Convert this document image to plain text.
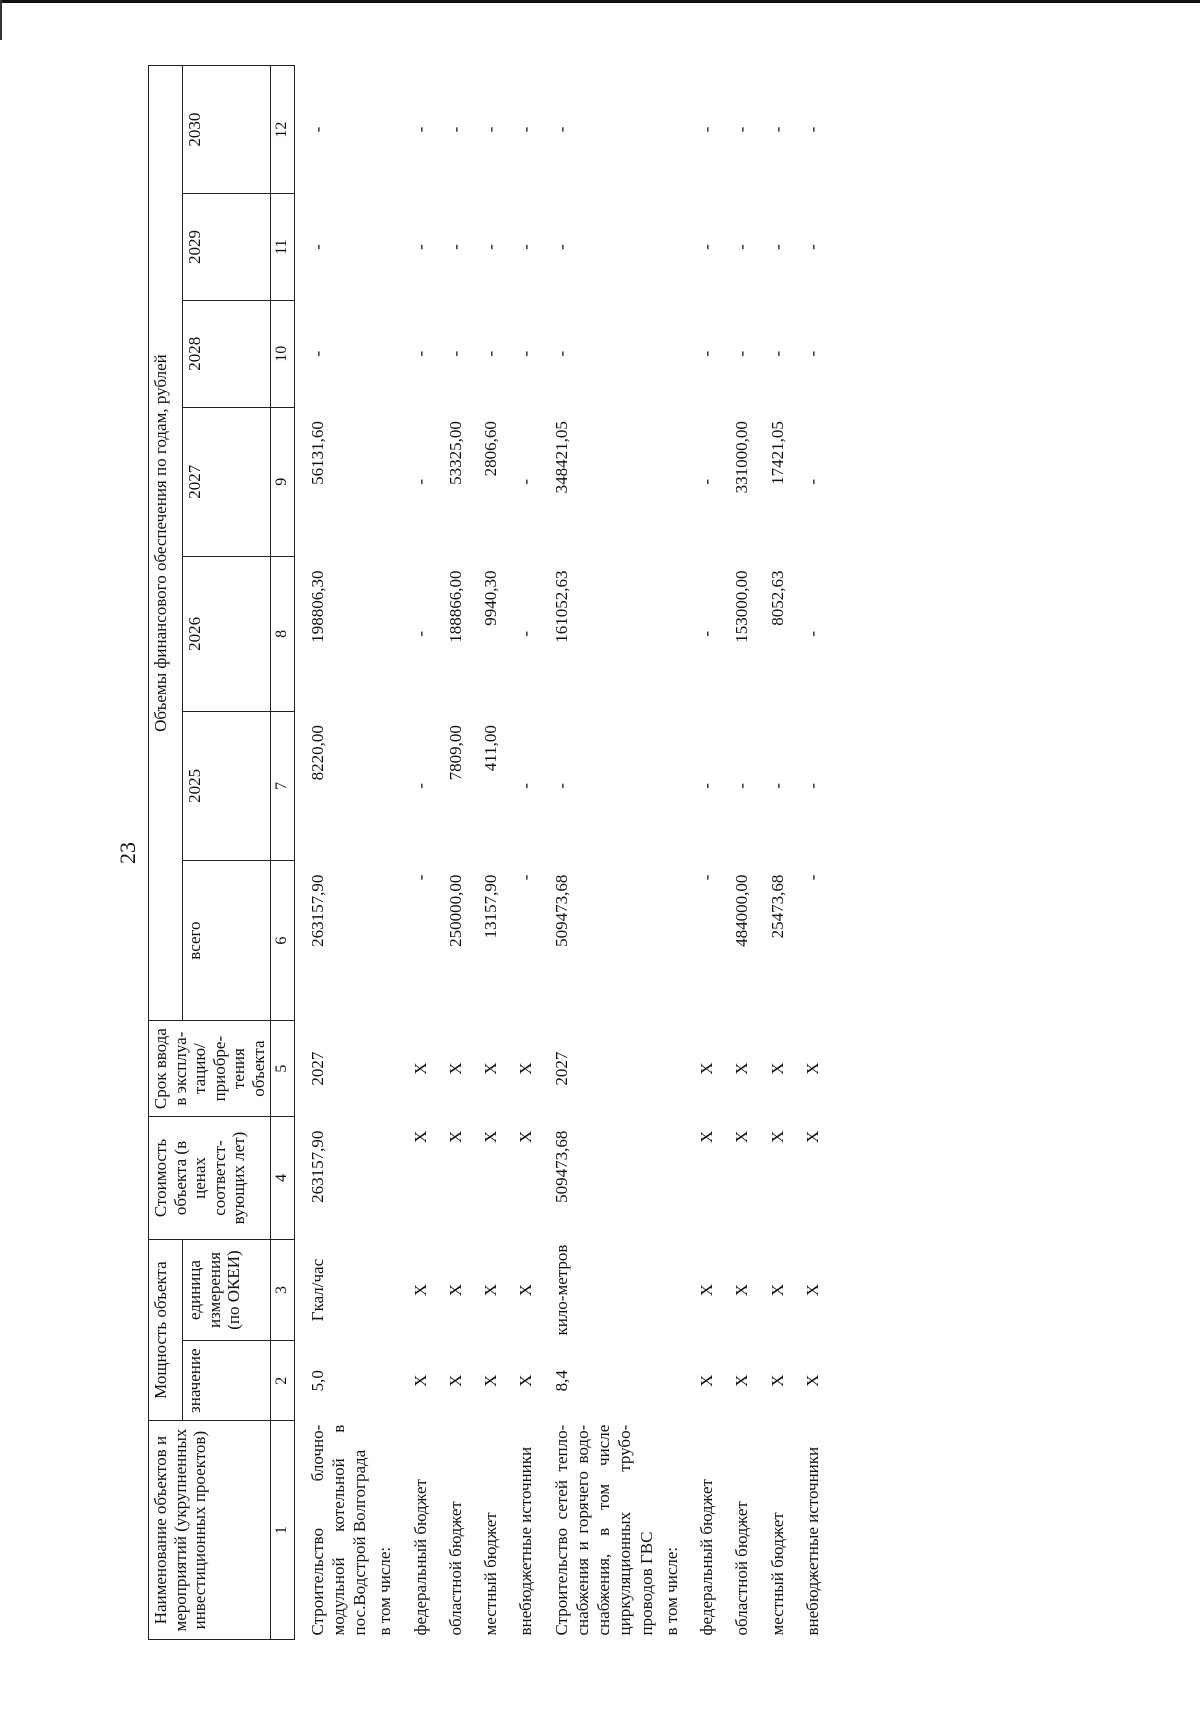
23
Наименование объектов и мероприятий (укрупненных инвестиционных проектов)	Мощность объекта		Стоимость объекта (в ценах соответст-вующих лет)	Срок ввода в эксплуа-тацию/ приобре-тения объекта	Объемы финансового обеспечения по годам, рублей						
	значение	единица измерения (по ОКЕИ)			всего	2025	2026	2027	2028	2029	2030
1	2	3	4	5	6	7	8	9	10	11	12
Строительство блочно-модульной котельной в пос.Водстрой Волгограда	5,0	Гкал/час	263157,90	2027	263157,90	8220,00	198806,30	56131,60	-	-	-
в том числе:											
федеральный бюджет	X	X	X	X	-	-	-	-	-	-	-
областной бюджет	X	X	X	X	250000,00	7809,00	188866,00	53325,00	-	-	-
местный бюджет	X	X	X	X	13157,90	411,00	9940,30	2806,60	-	-	-
внебюджетные источники	X	X	X	X	-	-	-	-	-	-	-
Строительство сетей тепло-снабжения и горячего водо-снабжения, в том числе циркуляционных трубо-проводов ГВС	8,4	кило-метров	509473,68	2027	509473,68	-	161052,63	348421,05	-	-	-
в том числе:											
федеральный бюджет	X	X	X	X	-	-	-	-	-	-	-
областной бюджет	X	X	X	X	484000,00	-	153000,00	331000,00	-	-	-
местный бюджет	X	X	X	X	25473,68	-	8052,63	17421,05	-	-	-
внебюджетные источники	X	X	X	X	-	-	-	-	-	-	-
